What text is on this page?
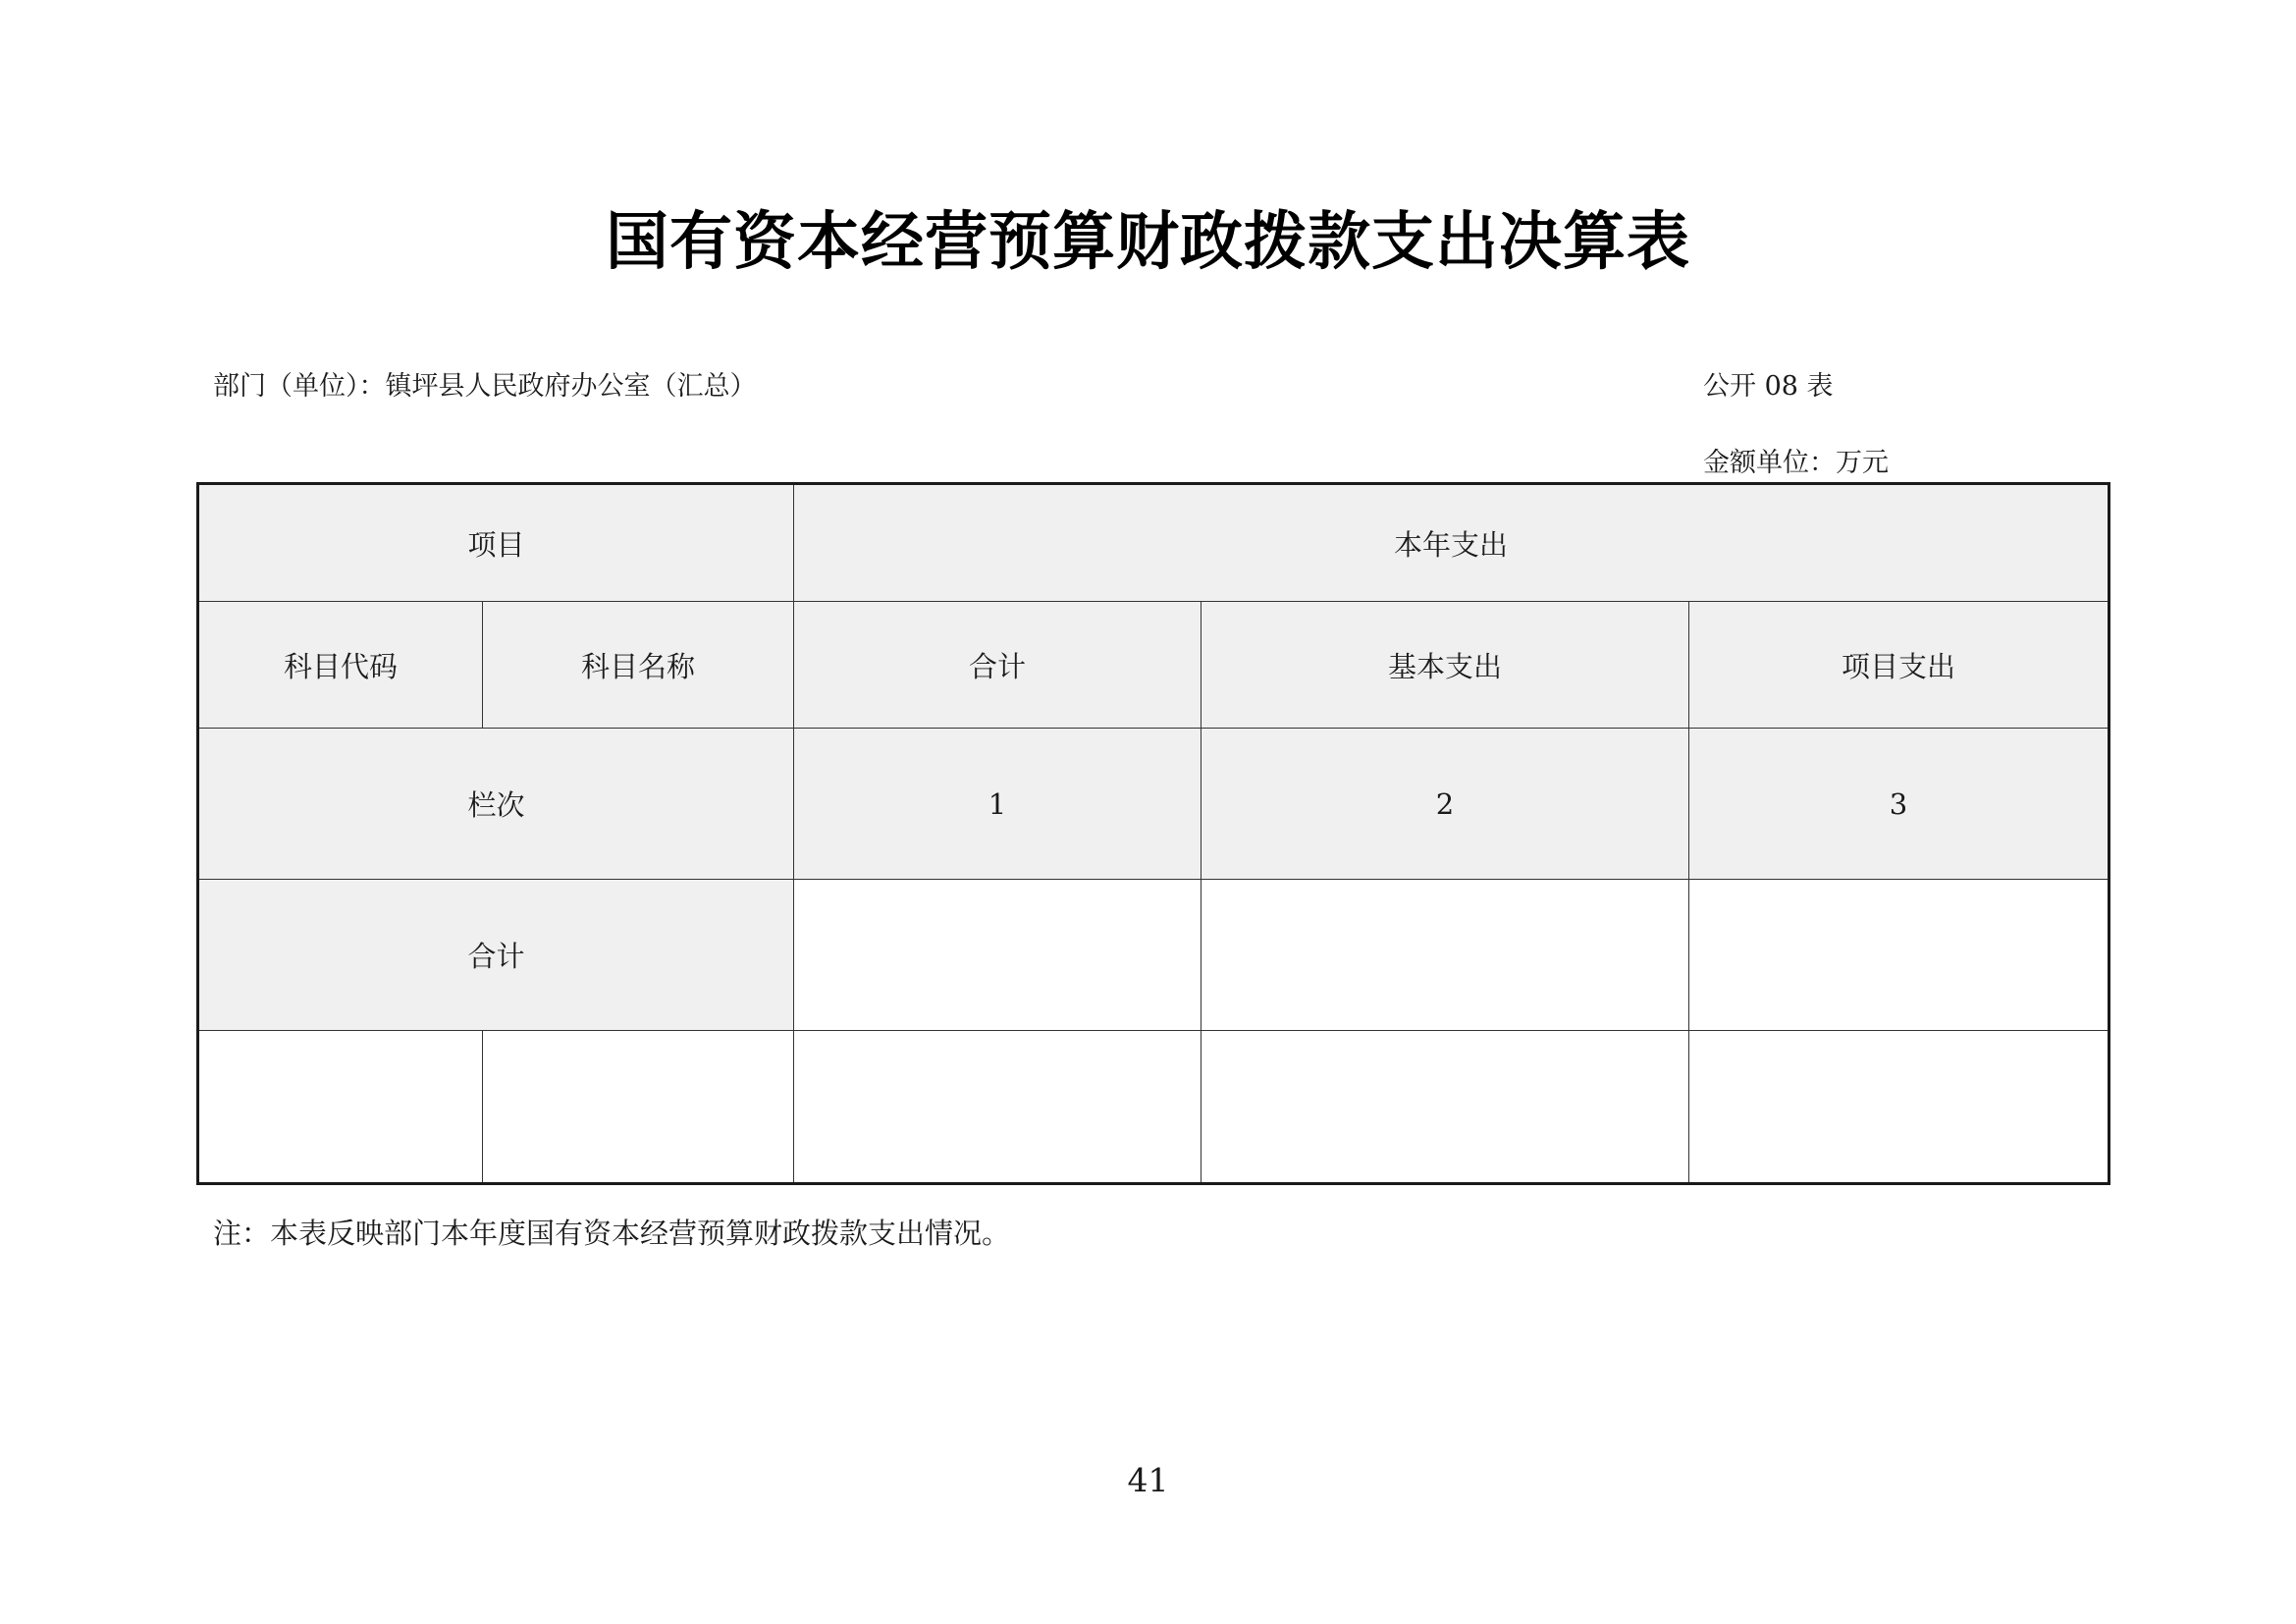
国有资本经营预算财政拨款支出决算表
部门（单位）：镇坪县人民政府办公室（汇总）	公开 08 表
金额单位：万元
项目		本年支出		
科目代码	科目名称	合计	基本支出	项目支出
栏次		1	2	3
合计				

注：本表反映部门本年度国有资本经营预算财政拨款支出情况。
41
